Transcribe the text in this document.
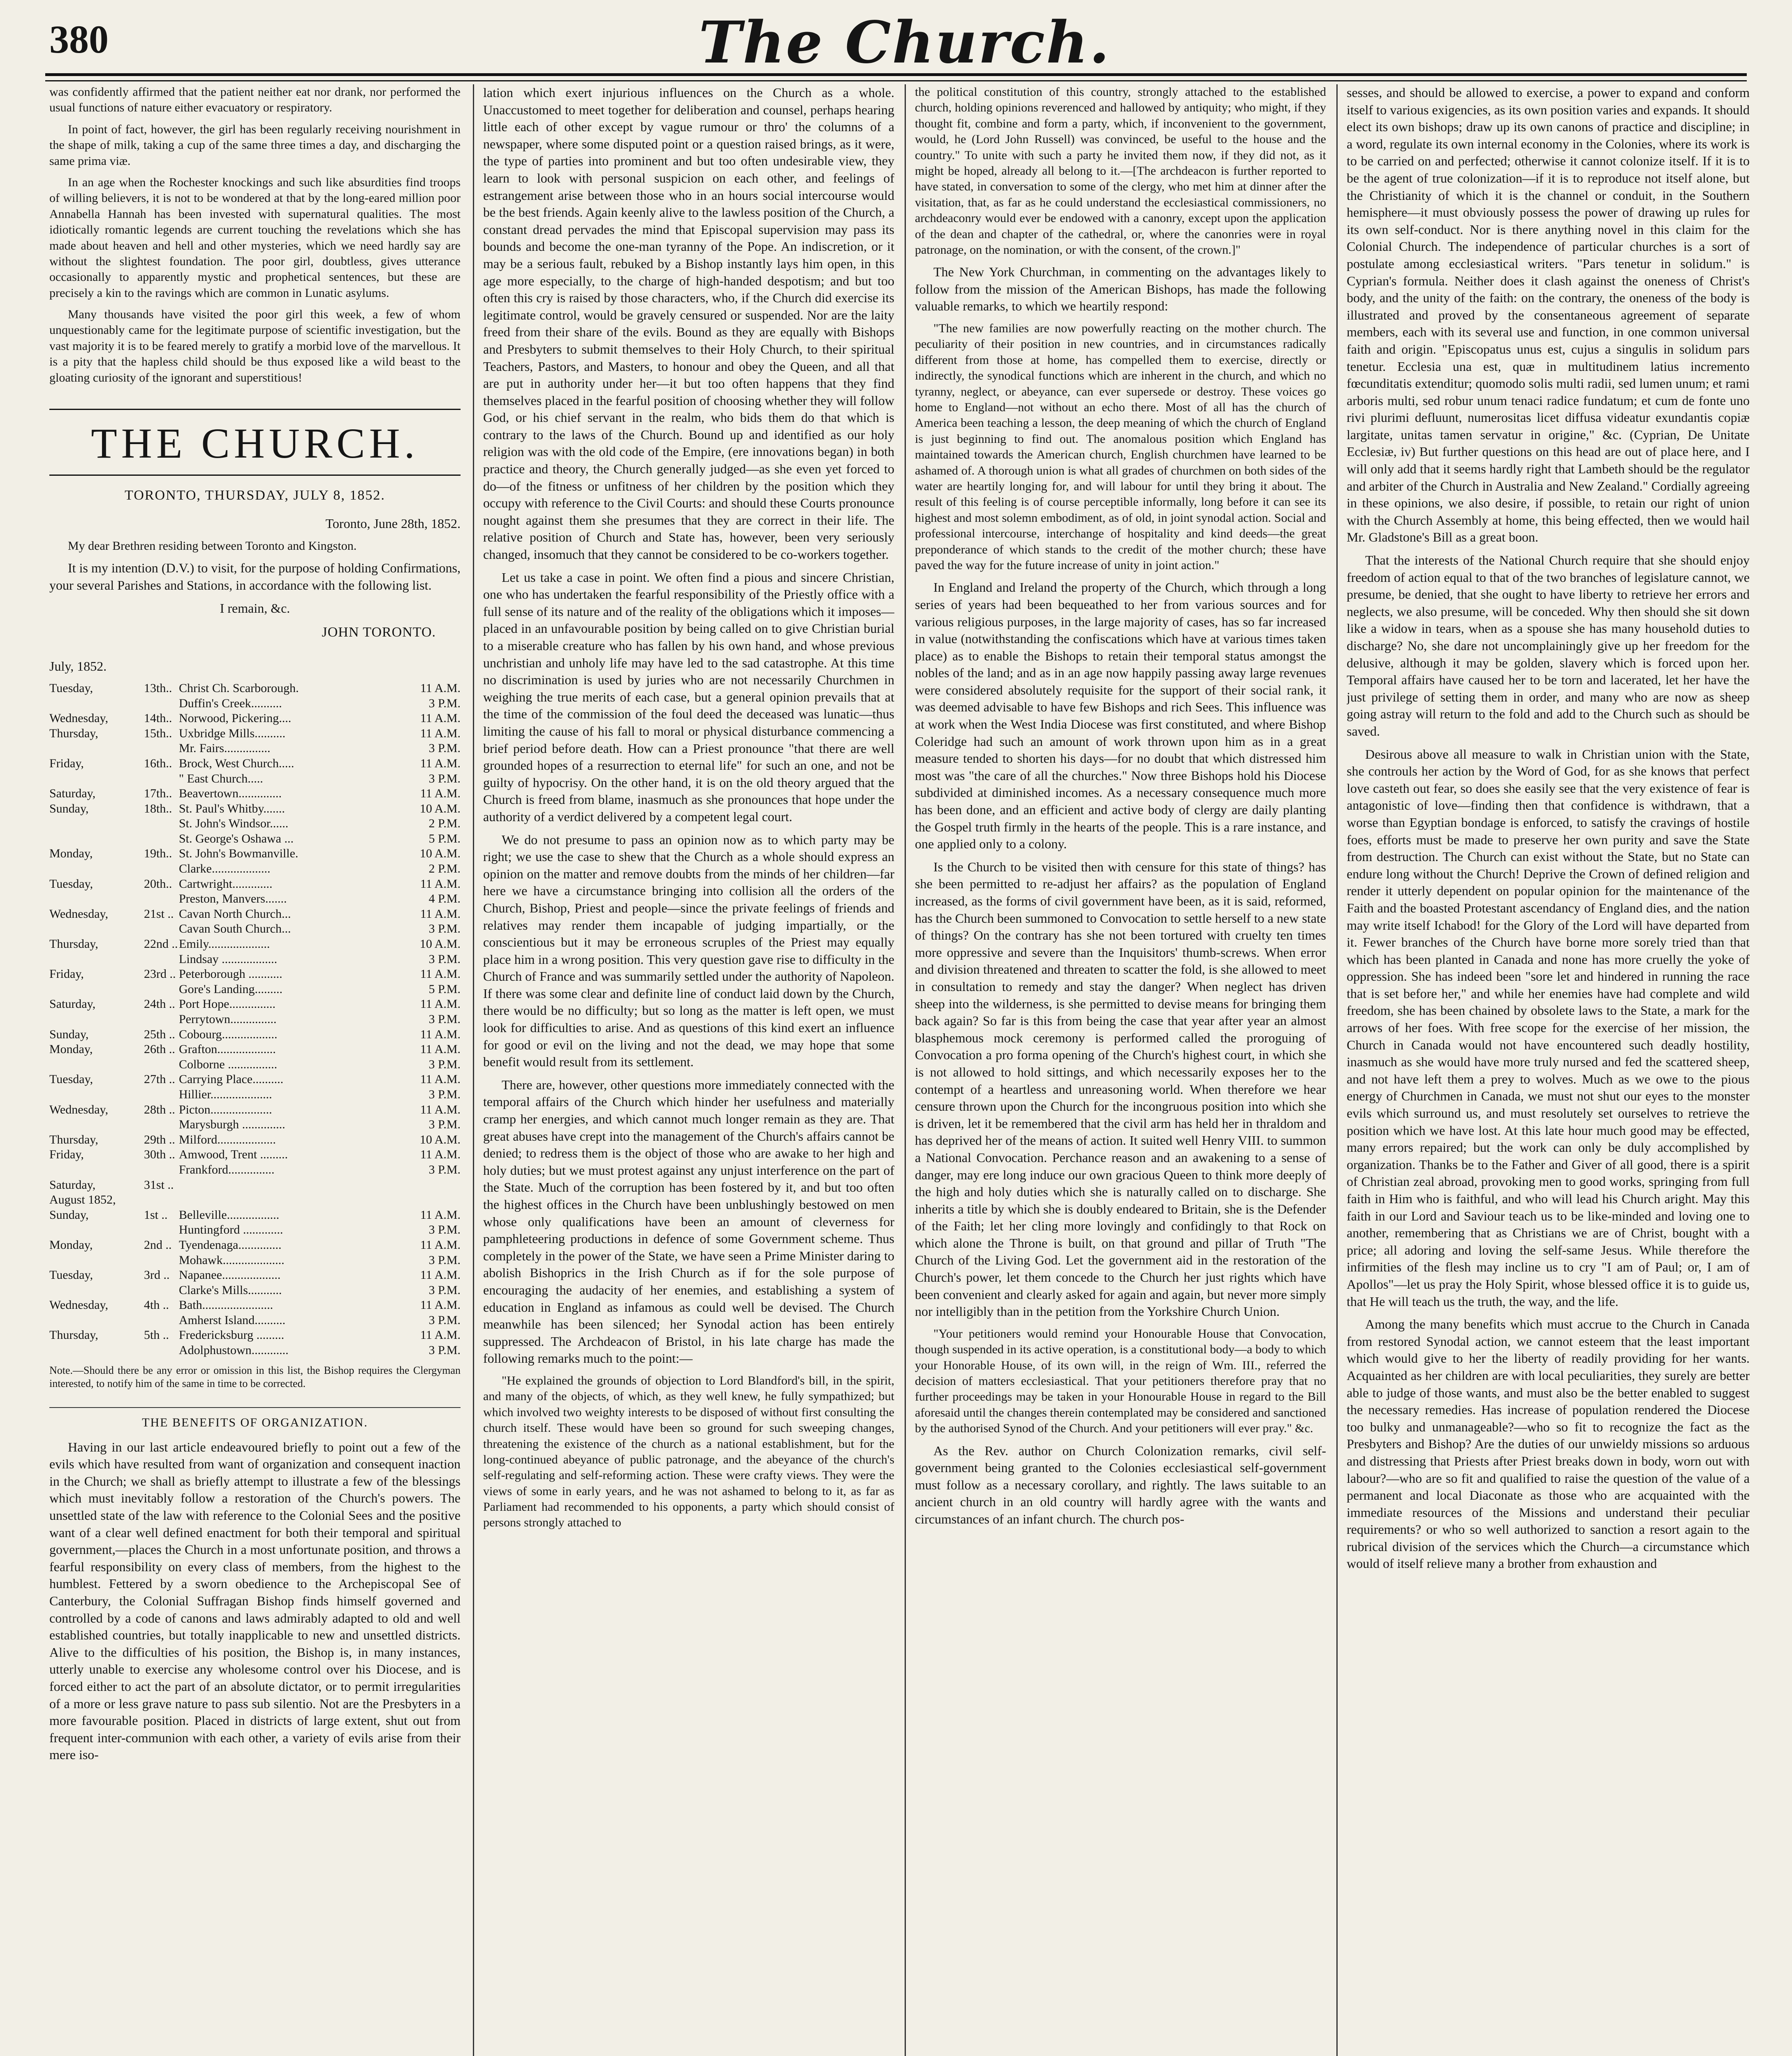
380	The Church.

was confidently affirmed that the patient neither eat nor drank, nor performed the usual functions of nature either evacuatory or respiratory.

In point of fact, however, the girl has been regularly receiving nourishment in the shape of milk, taking a cup of the same three times a day, and discharging the same prima viæ.

In an age when the Rochester knockings and such like absurdities find troops of willing believers, it is not to be wondered at that by the long-eared million poor Annabella Hannah has been invested with supernatural qualities. The most idiotically romantic legends are current touching the revelations which she has made about heaven and hell and other mysteries, which we need hardly say are without the slightest foundation. The poor girl, doubtless, gives utterance occasionally to apparently mystic and prophetical sentences, but these are precisely a kin to the ravings which are common in Lunatic asylums.

Many thousands have visited the poor girl this week, a few of whom unquestionably came for the legitimate purpose of scientific investigation, but the vast majority it is to be feared merely to gratify a morbid love of the marvellous. It is a pity that the hapless child should be thus exposed like a wild beast to the gloating curiosity of the ignorant and superstitious!

THE CHURCH.
TORONTO, THURSDAY, JULY 8, 1852.

Toronto, June 28th, 1852.

My dear Brethren residing between Toronto and Kingston.

It is my intention (D.V.) to visit, for the purpose of holding Confirmations, your several Parishes and Stations, in accordance with the following list.

I remain, &c.

JOHN TORONTO.

July, 1852.

Tuesday,	13th..	Christ Ch. Scarborough.	11 A.M.
		Duffin's Creek..........	3 P.M.
Wednesday,	14th..	Norwood, Pickering....	11 A.M.
Thursday,	15th..	Uxbridge Mills..........	11 A.M.
		Mr. Fairs...............	3 P.M.
Friday,	16th..	Brock, West Church.....	11 A.M.
		" East Church.....	3 P.M.
Saturday,	17th..	Beavertown..............	11 A.M.
Sunday,	18th..	St. Paul's Whitby.......	10 A.M.
		St. John's Windsor......	2 P.M.
		St. George's Oshawa ...	5 P.M.
Monday,	19th..	St. John's Bowmanville.	10 A.M.
		Clarke...................	2 P.M.
Tuesday,	20th..	Cartwright.............	11 A.M.
		Preston, Manvers.......	4 P.M.
Wednesday,	21st ..	Cavan North Church...	11 A.M.
		Cavan South Church...	3 P.M.
Thursday,	22nd ..	Emily....................	10 A.M.
		Lindsay ..................	3 P.M.
Friday,	23rd ..	Peterborough ...........	11 A.M.
		Gore's Landing.........	5 P.M.
Saturday,	24th ..	Port Hope...............	11 A.M.
		Perrytown...............	3 P.M.
Sunday,	25th ..	Cobourg..................	11 A.M.
Monday,	26th ..	Grafton...................	11 A.M.
		Colborne ................	3 P.M.
Tuesday,	27th ..	Carrying Place..........	11 A.M.
		Hillier....................	3 P.M.
Wednesday,	28th ..	Picton....................	11 A.M.
		Marysburgh ..............	3 P.M.
Thursday,	29th ..	Milford...................	10 A.M.
Friday,	30th ..	Amwood, Trent .........	11 A.M.
		Frankford...............	3 P.M.
Saturday,	31st ..		
August 1852,			
Sunday,	1st ..	Belleville.................	11 A.M.
		Huntingford .............	3 P.M.
Monday,	2nd ..	Tyendenaga..............	11 A.M.
		Mohawk....................	3 P.M.
Tuesday,	3rd ..	Napanee...................	11 A.M.
		Clarke's Mills...........	3 P.M.
Wednesday,	4th ..	Bath.......................	11 A.M.
		Amherst Island..........	3 P.M.
Thursday,	5th ..	Fredericksburg .........	11 A.M.
		Adolphustown............	3 P.M.

Note.—Should there be any error or omission in this list, the Bishop requires the Clergyman interested, to notify him of the same in time to be corrected.

THE BENEFITS OF ORGANIZATION.

Having in our last article endeavoured briefly to point out a few of the evils which have resulted from want of organization and consequent inaction in the Church; we shall as briefly attempt to illustrate a few of the blessings which must inevitably follow a restoration of the Church's powers. The unsettled state of the law with reference to the Colonial Sees and the positive want of a clear well defined enactment for both their temporal and spiritual government,—places the Church in a most unfortunate position, and throws a fearful responsibility on every class of members, from the highest to the humblest. Fettered by a sworn obedience to the Archepiscopal See of Canterbury, the Colonial Suffragan Bishop finds himself governed and controlled by a code of canons and laws admirably adapted to old and well established countries, but totally inapplicable to new and unsettled districts. Alive to the difficulties of his position, the Bishop is, in many instances, utterly unable to exercise any wholesome control over his Diocese, and is forced either to act the part of an absolute dictator, or to permit irregularities of a more or less grave nature to pass sub silentio. Not are the Presbyters in a more favourable position. Placed in districts of large extent, shut out from frequent inter-communion with each other, a variety of evils arise from their mere iso-

lation which exert injurious influences on the Church as a whole. Unaccustomed to meet together for deliberation and counsel, perhaps hearing little each of other except by vague rumour or thro' the columns of a newspaper, where some disputed point or a question raised brings, as it were, the type of parties into prominent and but too often undesirable view, they learn to look with personal suspicion on each other, and feelings of estrangement arise between those who in an hours social intercourse would be the best friends. Again keenly alive to the lawless position of the Church, a constant dread pervades the mind that Episcopal supervision may pass its bounds and become the one-man tyranny of the Pope. An indiscretion, or it may be a serious fault, rebuked by a Bishop instantly lays him open, in this age more especially, to the charge of high-handed despotism; and but too often this cry is raised by those characters, who, if the Church did exercise its legitimate control, would be gravely censured or suspended. Nor are the laity freed from their share of the evils. Bound as they are equally with Bishops and Presbyters to submit themselves to their Holy Church, to their spiritual Teachers, Pastors, and Masters, to honour and obey the Queen, and all that are put in authority under her—it but too often happens that they find themselves placed in the fearful position of choosing whether they will follow God, or his chief servant in the realm, who bids them do that which is contrary to the laws of the Church. Bound up and identified as our holy religion was with the old code of the Empire, (ere innovations began) in both practice and theory, the Church generally judged—as she even yet forced to do—of the fitness or unfitness of her children by the position which they occupy with reference to the Civil Courts: and should these Courts pronounce nought against them she presumes that they are correct in their life. The relative position of Church and State has, however, been very seriously changed, insomuch that they cannot be considered to be co-workers together.

Let us take a case in point. We often find a pious and sincere Christian, one who has undertaken the fearful responsibility of the Priestly office with a full sense of its nature and of the reality of the obligations which it imposes—placed in an unfavourable position by being called on to give Christian burial to a miserable creature who has fallen by his own hand, and whose previous unchristian and unholy life may have led to the sad catastrophe. At this time no discrimination is used by juries who are not necessarily Churchmen in weighing the true merits of each case, but a general opinion prevails that at the time of the commission of the foul deed the deceased was lunatic—thus limiting the cause of his fall to moral or physical disturbance commencing a brief period before death. How can a Priest pronounce "that there are well grounded hopes of a resurrection to eternal life" for such an one, and not be guilty of hypocrisy. On the other hand, it is on the old theory argued that the Church is freed from blame, inasmuch as she pronounces that hope under the authority of a verdict delivered by a competent legal court.

We do not presume to pass an opinion now as to which party may be right; we use the case to shew that the Church as a whole should express an opinion on the matter and remove doubts from the minds of her children—far here we have a circumstance bringing into collision all the orders of the Church, Bishop, Priest and people—since the private feelings of friends and relatives may render them incapable of judging impartially, or the conscientious but it may be erroneous scruples of the Priest may equally place him in a wrong position. This very question gave rise to difficulty in the Church of France and was summarily settled under the authority of Napoleon. If there was some clear and definite line of conduct laid down by the Church, there would be no difficulty; but so long as the matter is left open, we must look for difficulties to arise. And as questions of this kind exert an influence for good or evil on the living and not the dead, we may hope that some benefit would result from its settlement.

There are, however, other questions more immediately connected with the temporal affairs of the Church which hinder her usefulness and materially cramp her energies, and which cannot much longer remain as they are. That great abuses have crept into the management of the Church's affairs cannot be denied; to redress them is the object of those who are awake to her high and holy duties; but we must protest against any unjust interference on the part of the State. Much of the corruption has been fostered by it, and but too often the highest offices in the Church have been unblushingly bestowed on men whose only qualifications have been an amount of cleverness for pamphleteering productions in defence of some Government scheme. Thus completely in the power of the State, we have seen a Prime Minister daring to abolish Bishoprics in the Irish Church as if for the sole purpose of encouraging the audacity of her enemies, and establishing a system of education in England as infamous as could well be devised. The Church meanwhile has been silenced; her Synodal action has been entirely suppressed. The Archdeacon of Bristol, in his late charge has made the following remarks much to the point:—

"He explained the grounds of objection to Lord Blandford's bill, in the spirit, and many of the objects, of which, as they well knew, he fully sympathized; but which involved two weighty interests to be disposed of without first consulting the church itself. These would have been so ground for such sweeping changes, threatening the existence of the church as a national establishment, but for the long-continued abeyance of public patronage, and the abeyance of the church's self-regulating and self-reforming action. These were crafty views. They were the views of some in early years, and he was not ashamed to belong to it, as far as Parliament had recommended to his opponents, a party which should consist of persons strongly attached to

the political constitution of this country, strongly attached to the established church, holding opinions reverenced and hallowed by antiquity; who might, if they thought fit, combine and form a party, which, if inconvenient to the government, would, he (Lord John Russell) was convinced, be useful to the house and the country." To unite with such a party he invited them now, if they did not, as it might be hoped, already all belong to it.—[The archdeacon is further reported to have stated, in conversation to some of the clergy, who met him at dinner after the visitation, that, as far as he could understand the ecclesiastical commissioners, no archdeaconry would ever be endowed with a canonry, except upon the application of the dean and chapter of the cathedral, or, where the canonries were in royal patronage, on the nomination, or with the consent, of the crown.]"

The New York Churchman, in commenting on the advantages likely to follow from the mission of the American Bishops, has made the following valuable remarks, to which we heartily respond:

"The new families are now powerfully reacting on the mother church. The peculiarity of their position in new countries, and in circumstances radically different from those at home, has compelled them to exercise, directly or indirectly, the synodical functions which are inherent in the church, and which no tyranny, neglect, or abeyance, can ever supersede or destroy. These voices go home to England—not without an echo there. Most of all has the church of America been teaching a lesson, the deep meaning of which the church of England is just beginning to find out. The anomalous position which England has maintained towards the American church, English churchmen have learned to be ashamed of. A thorough union is what all grades of churchmen on both sides of the water are heartily longing for, and will labour for until they bring it about. The result of this feeling is of course perceptible informally, long before it can see its highest and most solemn embodiment, as of old, in joint synodal action. Social and professional intercourse, interchange of hospitality and kind deeds—the great preponderance of which stands to the credit of the mother church; these have paved the way for the future increase of unity in joint action."

In England and Ireland the property of the Church, which through a long series of years had been bequeathed to her from various sources and for various religious purposes, in the large majority of cases, has so far increased in value (notwithstanding the confiscations which have at various times taken place) as to enable the Bishops to retain their temporal status amongst the nobles of the land; and as in an age now happily passing away large revenues were considered absolutely requisite for the support of their social rank, it was deemed advisable to have few Bishops and rich Sees. This influence was at work when the West India Diocese was first constituted, and where Bishop Coleridge had such an amount of work thrown upon him as in a great measure tended to shorten his days—for no doubt that which distressed him most was "the care of all the churches." Now three Bishops hold his Diocese subdivided at diminished incomes. As a necessary consequence much more has been done, and an efficient and active body of clergy are daily planting the Gospel truth firmly in the hearts of the people. This is a rare instance, and one applied only to a colony.

Is the Church to be visited then with censure for this state of things? has she been permitted to re-adjust her affairs? as the population of England increased, as the forms of civil government have been, as it is said, reformed, has the Church been summoned to Convocation to settle herself to a new state of things? On the contrary has she not been tortured with cruelty ten times more oppressive and severe than the Inquisitors' thumb-screws. When error and division threatened and threaten to scatter the fold, is she allowed to meet in consultation to remedy and stay the danger? When neglect has driven sheep into the wilderness, is she permitted to devise means for bringing them back again? So far is this from being the case that year after year an almost blasphemous mock ceremony is performed called the proroguing of Convocation a pro forma opening of the Church's highest court, in which she is not allowed to hold sittings, and which necessarily exposes her to the contempt of a heartless and unreasoning world. When therefore we hear censure thrown upon the Church for the incongruous position into which she is driven, let it be remembered that the civil arm has held her in thraldom and has deprived her of the means of action. It suited well Henry VIII. to summon a National Convocation. Perchance reason and an awakening to a sense of danger, may ere long induce our own gracious Queen to think more deeply of the high and holy duties which she is naturally called on to discharge. She inherits a title by which she is doubly endeared to Britain, she is the Defender of the Faith; let her cling more lovingly and confidingly to that Rock on which alone the Throne is built, on that ground and pillar of Truth "The Church of the Living God. Let the government aid in the restoration of the Church's power, let them concede to the Church her just rights which have been convenient and clearly asked for again and again, but never more simply nor intelligibly than in the petition from the Yorkshire Church Union.

"Your petitioners would remind your Honourable House that Convocation, though suspended in its active operation, is a constitutional body—a body to which your Honorable House, of its own will, in the reign of Wm. III., referred the decision of matters ecclesiastical. That your petitioners therefore pray that no further proceedings may be taken in your Honourable House in regard to the Bill aforesaid until the changes therein contemplated may be considered and sanctioned by the authorised Synod of the Church. And your petitioners will ever pray." &c.

As the Rev. author on Church Colonization remarks, civil self-government being granted to the Colonies ecclesiastical self-government must follow as a necessary corollary, and rightly. The laws suitable to an ancient church in an old country will hardly agree with the wants and circumstances of an infant church. The church pos-

sesses, and should be allowed to exercise, a power to expand and conform itself to various exigencies, as its own position varies and expands. It should elect its own bishops; draw up its own canons of practice and discipline; in a word, regulate its own internal economy in the Colonies, where its work is to be carried on and perfected; otherwise it cannot colonize itself. If it is to be the agent of true colonization—if it is to reproduce not itself alone, but the Christianity of which it is the channel or conduit, in the Southern hemisphere—it must obviously possess the power of drawing up rules for its own self-conduct. Nor is there anything novel in this claim for the Colonial Church. The independence of particular churches is a sort of postulate among ecclesiastical writers. "Pars tenetur in solidum." is Cyprian's formula. Neither does it clash against the oneness of Christ's body, and the unity of the faith: on the contrary, the oneness of the body is illustrated and proved by the consentaneous agreement of separate members, each with its several use and function, in one common universal faith and origin. "Episcopatus unus est, cujus a singulis in solidum pars tenetur. Ecclesia una est, quæ in multitudinem latius incremento fœcunditatis extenditur; quomodo solis multi radii, sed lumen unum; et rami arboris multi, sed robur unum tenaci radice fundatum; et cum de fonte uno rivi plurimi defluunt, numerositas licet diffusa videatur exundantis copiæ largitate, unitas tamen servatur in origine," &c. (Cyprian, De Unitate Ecclesiæ, iv) But further questions on this head are out of place here, and I will only add that it seems hardly right that Lambeth should be the regulator and arbiter of the Church in Australia and New Zealand." Cordially agreeing in these opinions, we also desire, if possible, to retain our right of union with the Church Assembly at home, this being effected, then we would hail Mr. Gladstone's Bill as a great boon.

That the interests of the National Church require that she should enjoy freedom of action equal to that of the two branches of legislature cannot, we presume, be denied, that she ought to have liberty to retrieve her errors and neglects, we also presume, will be conceded. Why then should she sit down like a widow in tears, when as a spouse she has many household duties to discharge? No, she dare not uncomplainingly give up her freedom for the delusive, although it may be golden, slavery which is forced upon her. Temporal affairs have caused her to be torn and lacerated, let her have the just privilege of setting them in order, and many who are now as sheep going astray will return to the fold and add to the Church such as should be saved.

Desirous above all measure to walk in Christian union with the State, she controuls her action by the Word of God, for as she knows that perfect love casteth out fear, so does she easily see that the very existence of fear is antagonistic of love—finding then that confidence is withdrawn, that a worse than Egyptian bondage is enforced, to satisfy the cravings of hostile foes, efforts must be made to preserve her own purity and save the State from destruction. The Church can exist without the State, but no State can endure long without the Church! Deprive the Crown of defined religion and render it utterly dependent on popular opinion for the maintenance of the Faith and the boasted Protestant ascendancy of England dies, and the nation may write itself Ichabod! for the Glory of the Lord will have departed from it. Fewer branches of the Church have borne more sorely tried than that which has been planted in Canada and none has more cruelly the yoke of oppression. She has indeed been "sore let and hindered in running the race that is set before her," and while her enemies have had complete and wild freedom, she has been chained by obsolete laws to the State, a mark for the arrows of her foes. With free scope for the exercise of her mission, the Church in Canada would not have encountered such deadly hostility, inasmuch as she would have more truly nursed and fed the scattered sheep, and not have left them a prey to wolves. Much as we owe to the pious energy of Churchmen in Canada, we must not shut our eyes to the monster evils which surround us, and must resolutely set ourselves to retrieve the position which we have lost. At this late hour much good may be effected, many errors repaired; but the work can only be duly accomplished by organization. Thanks be to the Father and Giver of all good, there is a spirit of Christian zeal abroad, provoking men to good works, springing from full faith in Him who is faithful, and who will lead his Church aright. May this faith in our Lord and Saviour teach us to be like-minded and loving one to another, remembering that as Christians we are of Christ, bought with a price; all adoring and loving the self-same Jesus. While therefore the infirmities of the flesh may incline us to cry "I am of Paul; or, I am of Apollos"—let us pray the Holy Spirit, whose blessed office it is to guide us, that He will teach us the truth, the way, and the life.

Among the many benefits which must accrue to the Church in Canada from restored Synodal action, we cannot esteem that the least important which would give to her the liberty of readily providing for her wants. Acquainted as her children are with local peculiarities, they surely are better able to judge of those wants, and must also be the better enabled to suggest the necessary remedies. Has increase of population rendered the Diocese too bulky and unmanageable?—who so fit to recognize the fact as the Presbyters and Bishop? Are the duties of our unwieldy missions so arduous and distressing that Priests after Priest breaks down in body, worn out with labour?—who are so fit and qualified to raise the question of the value of a permanent and local Diaconate as those who are acquainted with the immediate resources of the Missions and understand their peculiar requirements? or who so well authorized to sanction a resort again to the rubrical division of the services which the Church—a circumstance which would of itself relieve many a brother from exhaustion and
